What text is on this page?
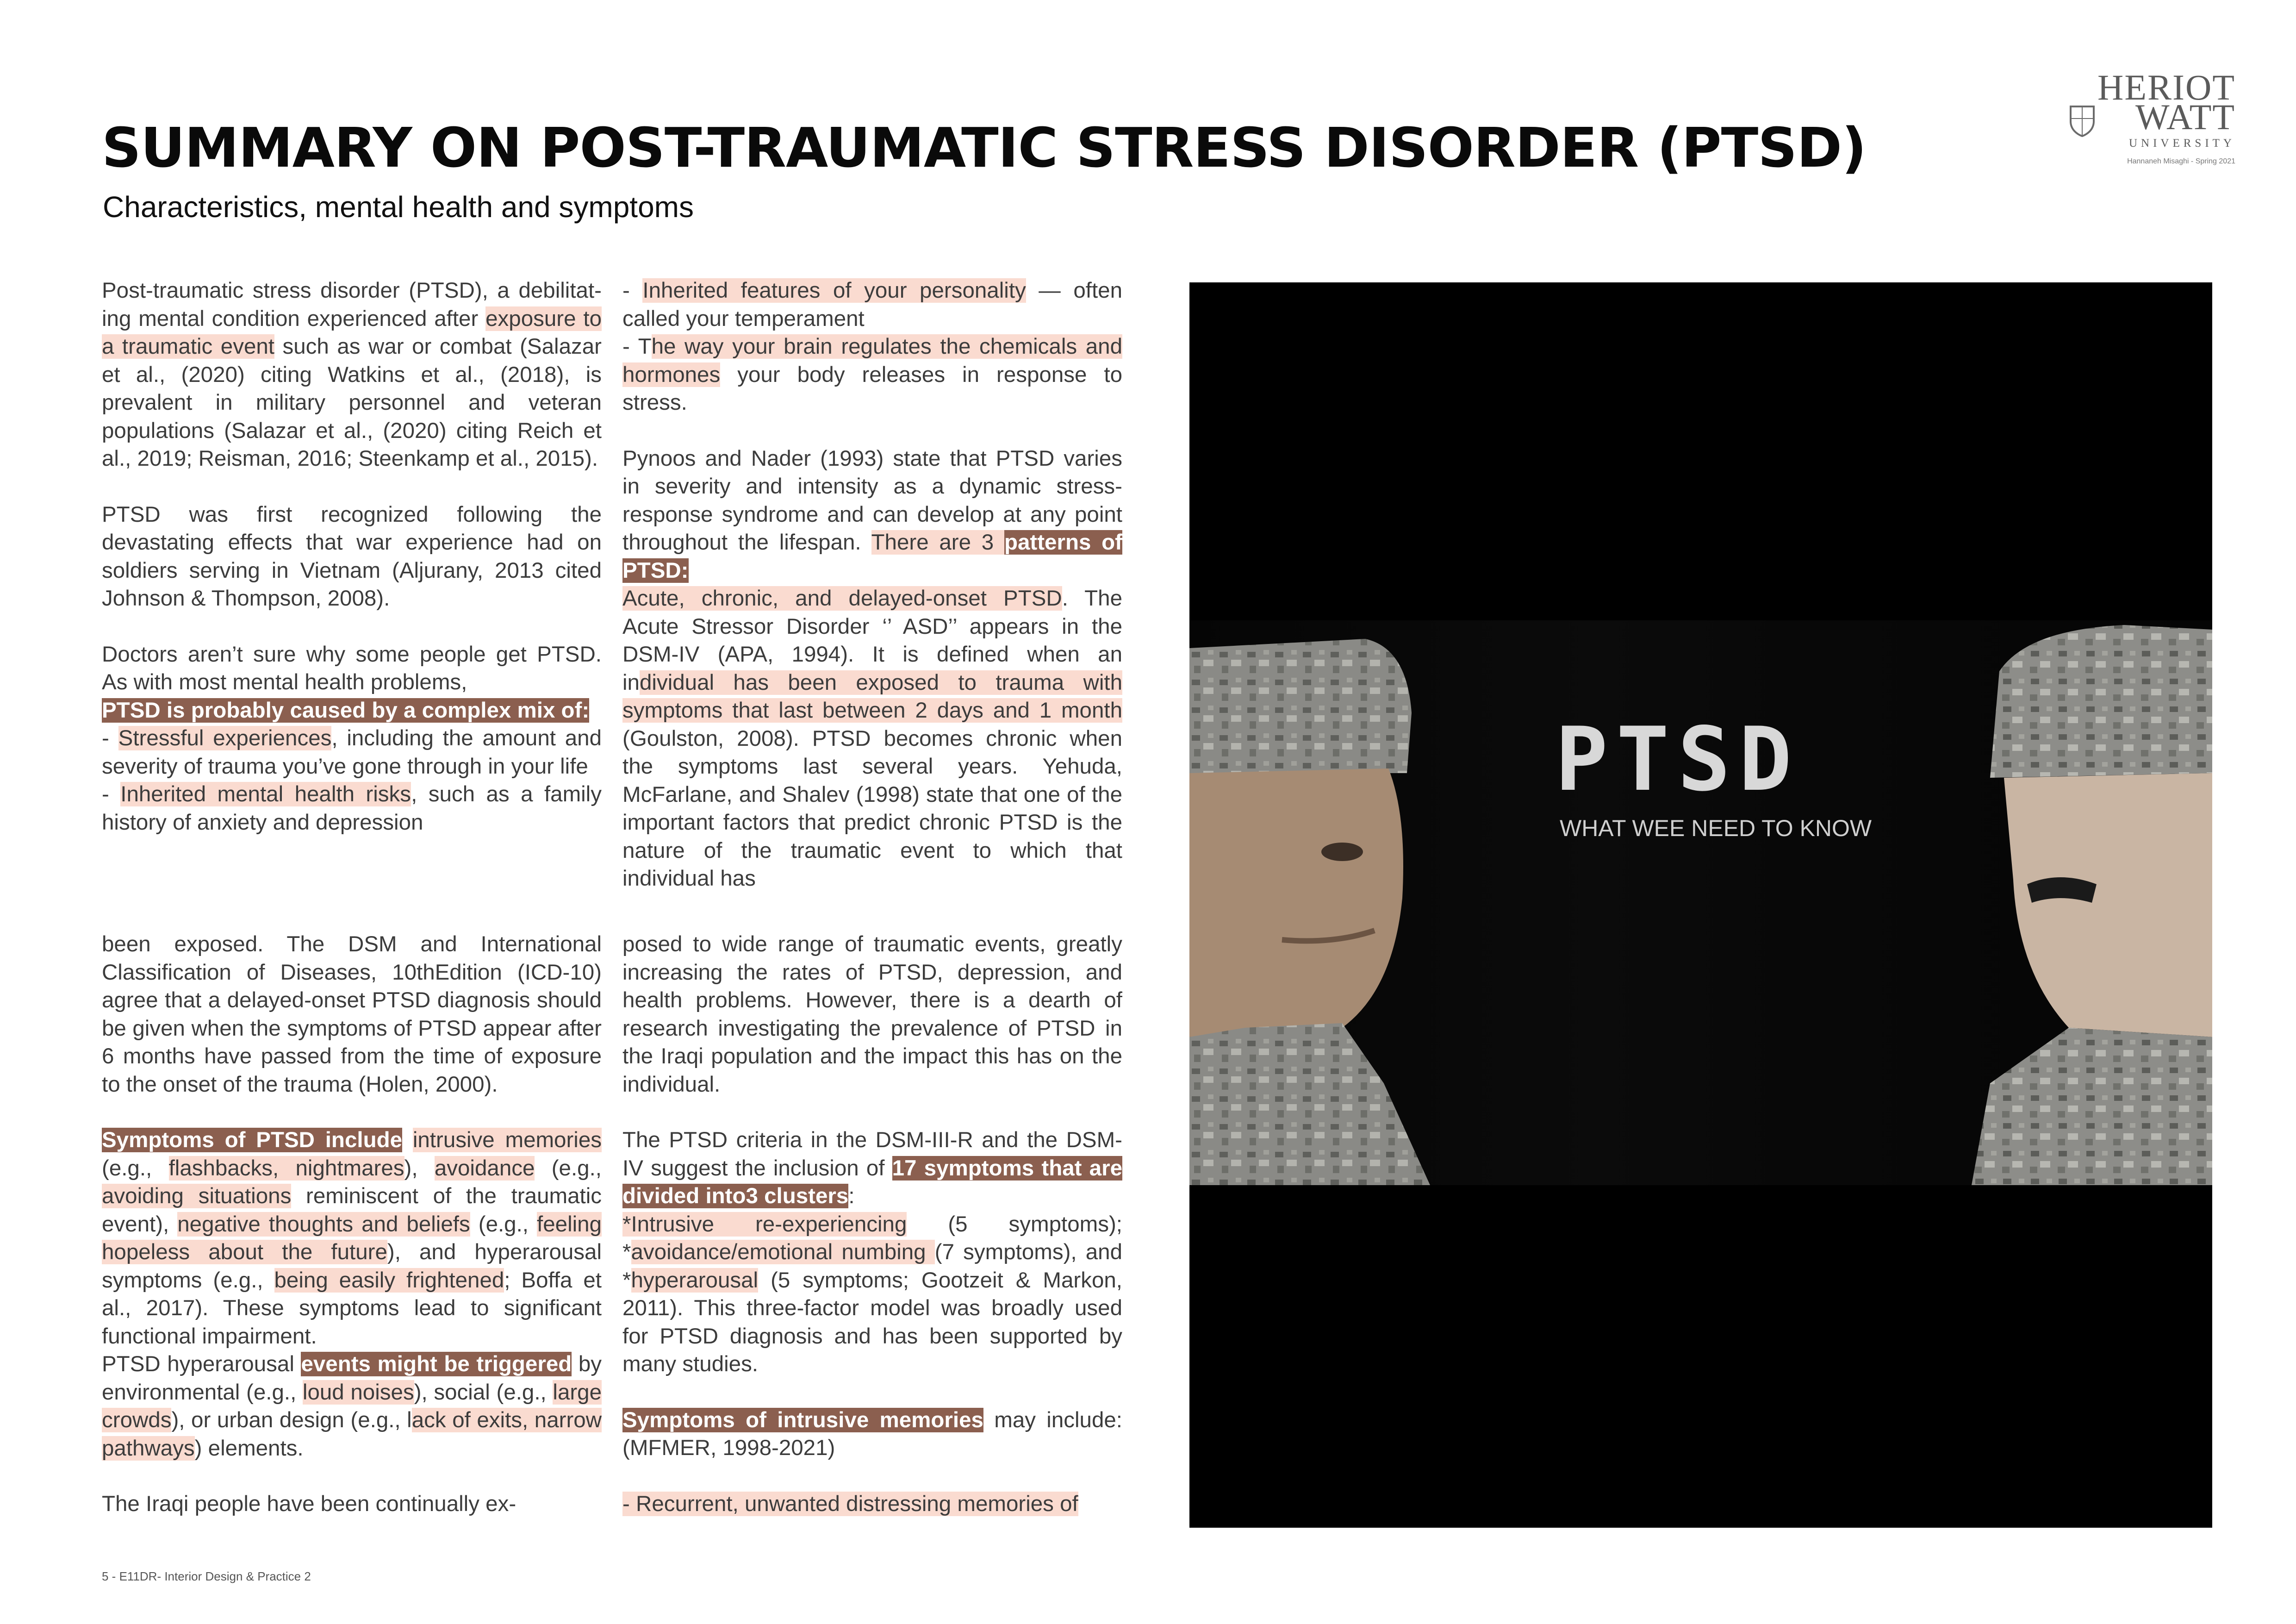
SUMMARY ON POST-TRAUMATIC STRESS DISORDER (PTSD)
Characteristics, mental health and symptoms
HERIOT
WATT
UNIVERSITY
Hannaneh Misaghi - Spring 2021

Post-traumatic stress disorder (PTSD), a debilitat-ing mental condition experienced after exposure to a traumatic event such as war or combat (Salazar et al., (2020) citing Watkins et al., (2018), is prevalent in military personnel and veteran populations (Salazar et al., (2020) citing Reich et al., 2019; Reisman, 2016; Steenkamp et al., 2015).

PTSD was first recognized following the devastating effects that war experience had on soldiers serving in Vietnam (Aljurany, 2013 cited Johnson & Thompson, 2008).

Doctors aren’t sure why some people get PTSD. As with most mental health problems,
PTSD is probably caused by a complex mix of:
- Stressful experiences, including the amount and severity of trauma you’ve gone through in your life
- Inherited mental health risks, such as a family history of anxiety and depression

- Inherited features of your personality — often called your temperament

- The way your brain regulates the chemicals and hormones your body releases in response to stress.

Pynoos and Nader (1993) state that PTSD varies in severity and intensity as a dynamic stress-response syndrome and can develop at any point throughout the lifespan. There are 3 patterns of PTSD:
Acute, chronic, and delayed-onset PTSD. The Acute Stressor Disorder ‘’ ASD’’ appears in the DSM-IV (APA, 1994). It is defined when an individual has been exposed to trauma with symptoms that last between 2 days and 1 month (Goulston, 2008). PTSD becomes chronic when the symptoms last several years. Yehuda, McFarlane, and Shalev (1998) state that one of the important factors that predict chronic PTSD is the nature of the traumatic event to which that individual has

been exposed. The DSM and International Classification of Diseases, 10thEdition (ICD-10) agree that a delayed-onset PTSD diagnosis should be given when the symptoms of PTSD appear after 6 months have passed from the time of exposure to the onset of the trauma (Holen, 2000).

Symptoms of PTSD include intrusive memories (e.g., flashbacks, nightmares), avoidance (e.g., avoiding situations reminiscent of the traumatic event), negative thoughts and beliefs (e.g., feeling hopeless about the future), and hyperarousal symptoms (e.g., being easily frightened; Boffa et al., 2017). These symptoms lead to significant functional impairment.
PTSD hyperarousal events might be triggered by environmental (e.g., loud noises), social (e.g., large crowds), or urban design (e.g., lack of exits, narrow pathways) elements.

The Iraqi people have been continually ex-

posed to wide range of traumatic events, greatly increasing the rates of PTSD, depression, and health problems. However, there is a dearth of research investigating the prevalence of PTSD in the Iraqi population and the impact this has on the individual.

The PTSD criteria in the DSM-III-R and the DSM-IV suggest the inclusion of 17 symptoms that are divided into3 clusters:
*Intrusive re-experiencing (5 symptoms); *avoidance/emotional numbing (7 symptoms), and *hyperarousal (5 symptoms; Gootzeit & Markon, 2011). This three-factor model was broadly used for PTSD diagnosis and has been supported by many studies.

Symptoms of intrusive memories may include: (MFMER, 1998-2021)

- Recurrent, unwanted distressing memories of

PTSD
WHAT WEE NEED TO KNOW
5 - E11DR- Interior Design & Practice 2
